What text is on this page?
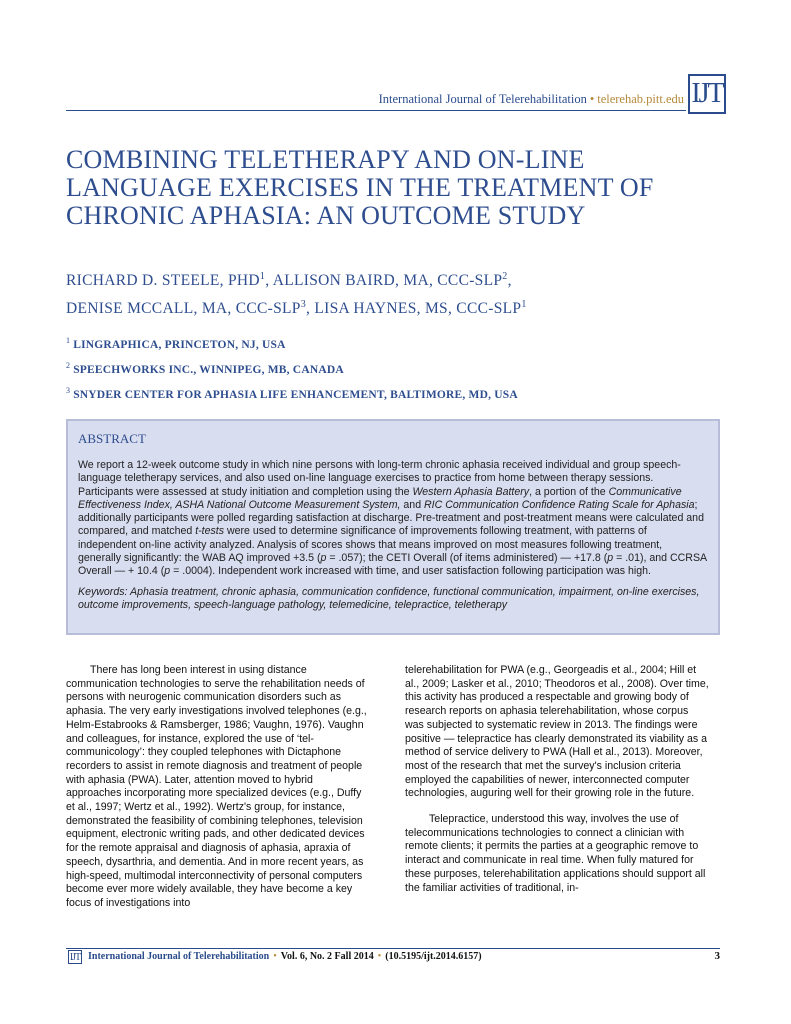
International Journal of Telerehabilitation • telerehab.pitt.edu IJT
COMBINING TELETHERAPY AND ON-LINE LANGUAGE EXERCISES IN THE TREATMENT OF CHRONIC APHASIA: AN OUTCOME STUDY
RICHARD D. STEELE, PHD$^1$, ALLISON BAIRD, MA, CCC-SLP$^2$,
DENISE MCCALL, MA, CCC-SLP$^3$, LISA HAYNES, MS, CCC-SLP$^1$
$^1$ LINGRAPHICA, PRINCETON, NJ, USA
$^2$ SPEECHWORKS INC., WINNIPEG, MB, CANADA
$^3$ SNYDER CENTER FOR APHASIA LIFE ENHANCEMENT, BALTIMORE, MD, USA
ABSTRACT
We report a 12-week outcome study in which nine persons with long-term chronic aphasia received individual and group speech-language teletherapy services, and also used on-line language exercises to practice from home between therapy sessions. Participants were assessed at study initiation and completion using the Western Aphasia Battery, a portion of the Communicative Effectiveness Index, ASHA National Outcome Measurement System, and RIC Communication Confidence Rating Scale for Aphasia; additionally participants were polled regarding satisfaction at discharge. Pre-treatment and post-treatment means were calculated and compared, and matched t-tests were used to determine significance of improvements following treatment, with patterns of independent on-line activity analyzed. Analysis of scores shows that means improved on most measures following treatment, generally significantly: the WAB AQ improved +3.5 (p = .057); the CETI Overall (of items administered) — +17.8 (p = .01), and CCRSA Overall — + 10.4 (p = .0004). Independent work increased with time, and user satisfaction following participation was high.
Keywords: Aphasia treatment, chronic aphasia, communication confidence, functional communication, impairment, on-line exercises, outcome improvements, speech-language pathology, telemedicine, telepractice, teletherapy

There has long been interest in using distance communication technologies to serve the rehabilitation needs of persons with neurogenic communication disorders such as aphasia. The very early investigations involved telephones (e.g., Helm-Estabrooks & Ramsberger, 1986; Vaughn, 1976). Vaughn and colleagues, for instance, explored the use of ‘tel-communicology’: they coupled telephones with Dictaphone recorders to assist in remote diagnosis and treatment of people with aphasia (PWA). Later, attention moved to hybrid approaches incorporating more specialized devices (e.g., Duffy et al., 1997; Wertz et al., 1992). Wertz's group, for instance, demonstrated the feasibility of combining telephones, television equipment, electronic writing pads, and other dedicated devices for the remote appraisal and diagnosis of aphasia, apraxia of speech, dysarthria, and dementia. And in more recent years, as high-speed, multimodal interconnectivity of personal computers become ever more widely available, they have become a key focus of investigations into

telerehabilitation for PWA (e.g., Georgeadis et al., 2004; Hill et al., 2009; Lasker et al., 2010; Theodoros et al., 2008). Over time, this activity has produced a respectable and growing body of research reports on aphasia telerehabilitation, whose corpus was subjected to systematic review in 2013. The findings were positive — telepractice has clearly demonstrated its viability as a method of service delivery to PWA (Hall et al., 2013). Moreover, most of the research that met the survey's inclusion criteria employed the capabilities of newer, interconnected computer technologies, auguring well for their growing role in the future.

Telepractice, understood this way, involves the use of telecommunications technologies to connect a clinician with remote clients; it permits the parties at a geographic remove to interact and communicate in real time. When fully matured for these purposes, telerehabilitation applications should support all the familiar activities of traditional, in-

IJT International Journal of Telerehabilitation • Vol. 6, No. 2 Fall 2014 • (10.5195/ijt.2014.6157)	3
